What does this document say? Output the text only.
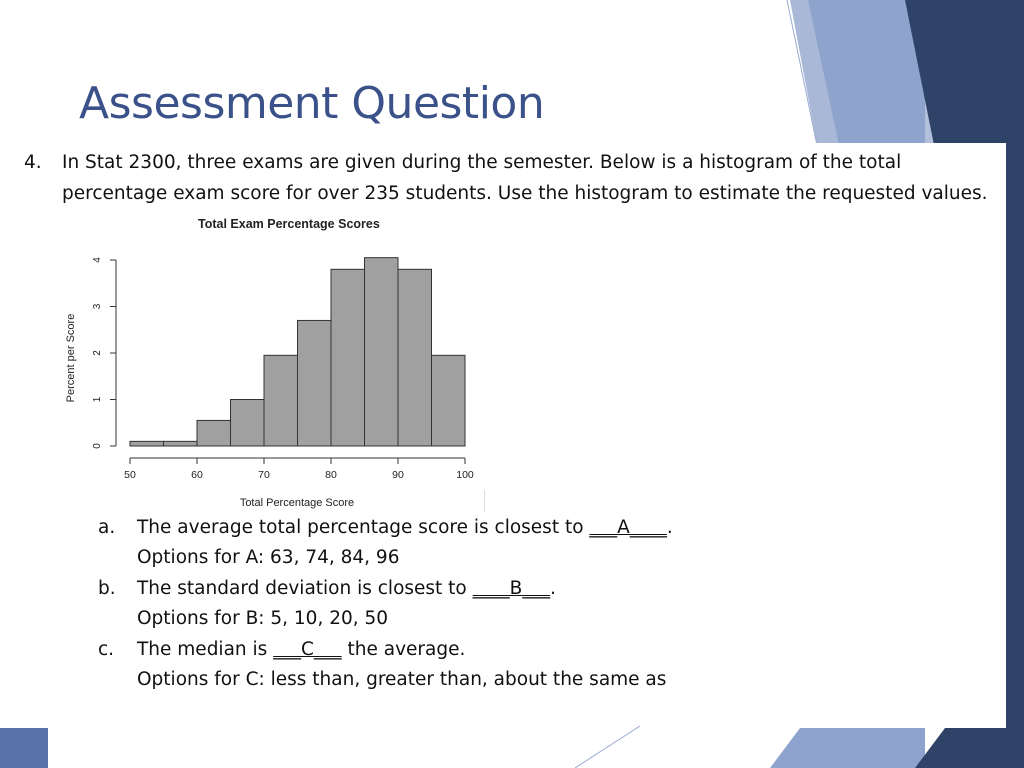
Assessment Question
4. In Stat 2300, three exams are given during the semester. Below is a histogram of the total
percentage exam score for over 235 students. Use the histogram to estimate the requested values.
Total Exam Percentage Scores
0
1
2
3
4
50	60	70	80	90	100
Total Percentage Score
Percent per Score
a. The average total percentage score is closest to ___A____.
Options for A: 63, 74, 84, 96
b. The standard deviation is closest to ____B___.
Options for B: 5, 10, 20, 50
c. The median is ___C___ the average.
Options for C: less than, greater than, about the same as
